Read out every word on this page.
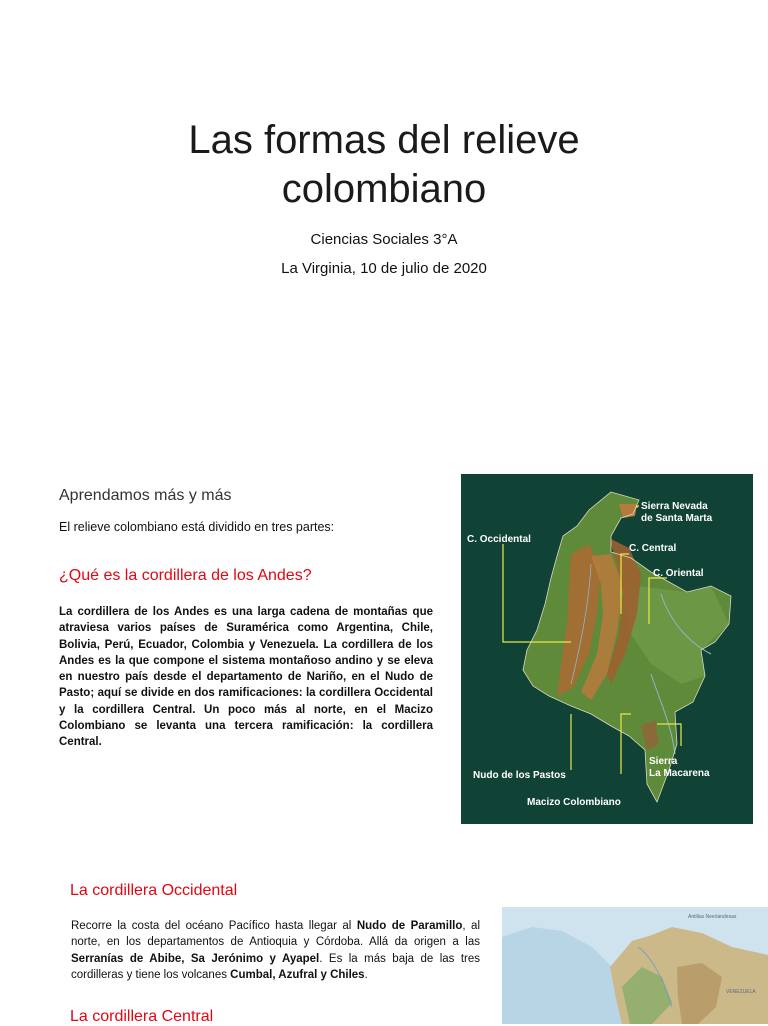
Las formas del relieve
colombiano
Ciencias Sociales 3°A
La Virginia, 10 de julio de 2020
Aprendamos más y más

El relieve colombiano está dividido en tres partes:

¿Qué es la cordillera de los Andes?

La cordillera de los Andes es una larga cadena de montañas que atraviesa varios países de Suramérica como Argentina, Chile, Bolivia, Perú, Ecuador, Colombia y Venezuela. La cordillera de los Andes es la que compone el sistema montañoso andino y se eleva en nuestro país desde el departamento de Nariño, en el Nudo de Pasto; aquí se divide en dos ramificaciones: la cordillera Occidental y la cordillera Central. Un poco más al norte, en el Macizo Colombiano se levanta una tercera ramificación: la cordillera Central.

Sierra Nevada
de Santa Marta
C. Occidental
C. Central
C. Oriental
Sierra
La Macarena
Nudo de los Pastos
Macizo Colombiano
La cordillera Occidental

Recorre la costa del océano Pacífico hasta llegar al Nudo de Paramillo, al norte, en los departamentos de Antioquia y Córdoba. Allá da origen a las Serranías de Abibe, Sa Jerónimo y Ayapel. Es la más baja de las tres cordilleras y tiene los volcanes Cumbal, Azufral y Chiles.

La cordillera Central
Antillas Neerlandesas
VENEZUELA
